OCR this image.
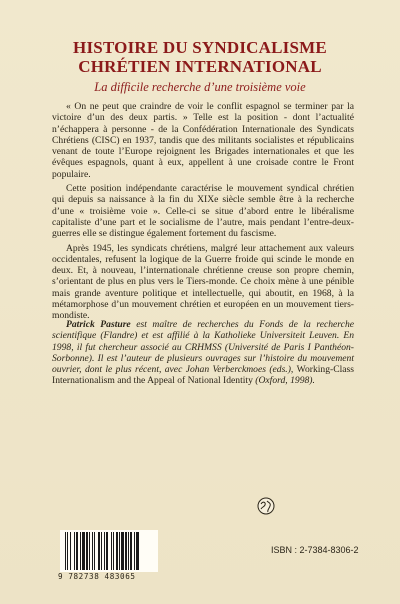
HISTOIRE DU SYNDICALISME
CHRÉTIEN INTERNATIONAL
La difficile recherche d’une troisième voie

« On ne peut que craindre de voir le conflit espagnol se terminer par la victoire d’un des deux partis. » Telle est la position - dont l’actualité n’échappera à personne - de la Confédération Internationale des Syndicats Chrétiens (CISC) en 1937, tandis que des militants socialistes et républicains venant de toute l’Europe rejoignent les Brigades internationales et que les évêques espagnols, quant à eux, appellent à une croisade contre le Front populaire.

Cette position indépendante caractérise le mouvement syndical chrétien qui depuis sa naissance à la fin du XIXe siècle semble être à la recherche d’une « troisième voie ». Celle-ci se situe d’abord entre le libéralisme capitaliste d’une part et le socialisme de l’autre, mais pendant l’entre-deux-guerres elle se distingue également fortement du fascisme.

Après 1945, les syndicats chrétiens, malgré leur attachement aux valeurs occidentales, refusent la logique de la Guerre froide qui scinde le monde en deux. Et, à nouveau, l’internationale chrétienne creuse son propre chemin, s’orientant de plus en plus vers le Tiers-monde. Ce choix mène à une pénible mais grande aventure politique et intellectuelle, qui aboutit, en 1968, à la métamorphose d’un mouvement chrétien et européen en un mouvement tiers-mondiste.

Patrick Pasture est maître de recherches du Fonds de la recherche scientifique (Flandre) et est affilié à la Katholieke Universiteit Leuven. En 1998, il fut chercheur associé au CRHMSS (Université de Paris I Panthéon-Sorbonne). Il est l’auteur de plusieurs ouvrages sur l’histoire du mouvement ouvrier, dont le plus récent, avec Johan Verberckmoes (eds.), Working-Class Internationalism and the Appeal of National Identity (Oxford, 1998).
9 782738 483065
ISBN : 2-7384-8306-2
